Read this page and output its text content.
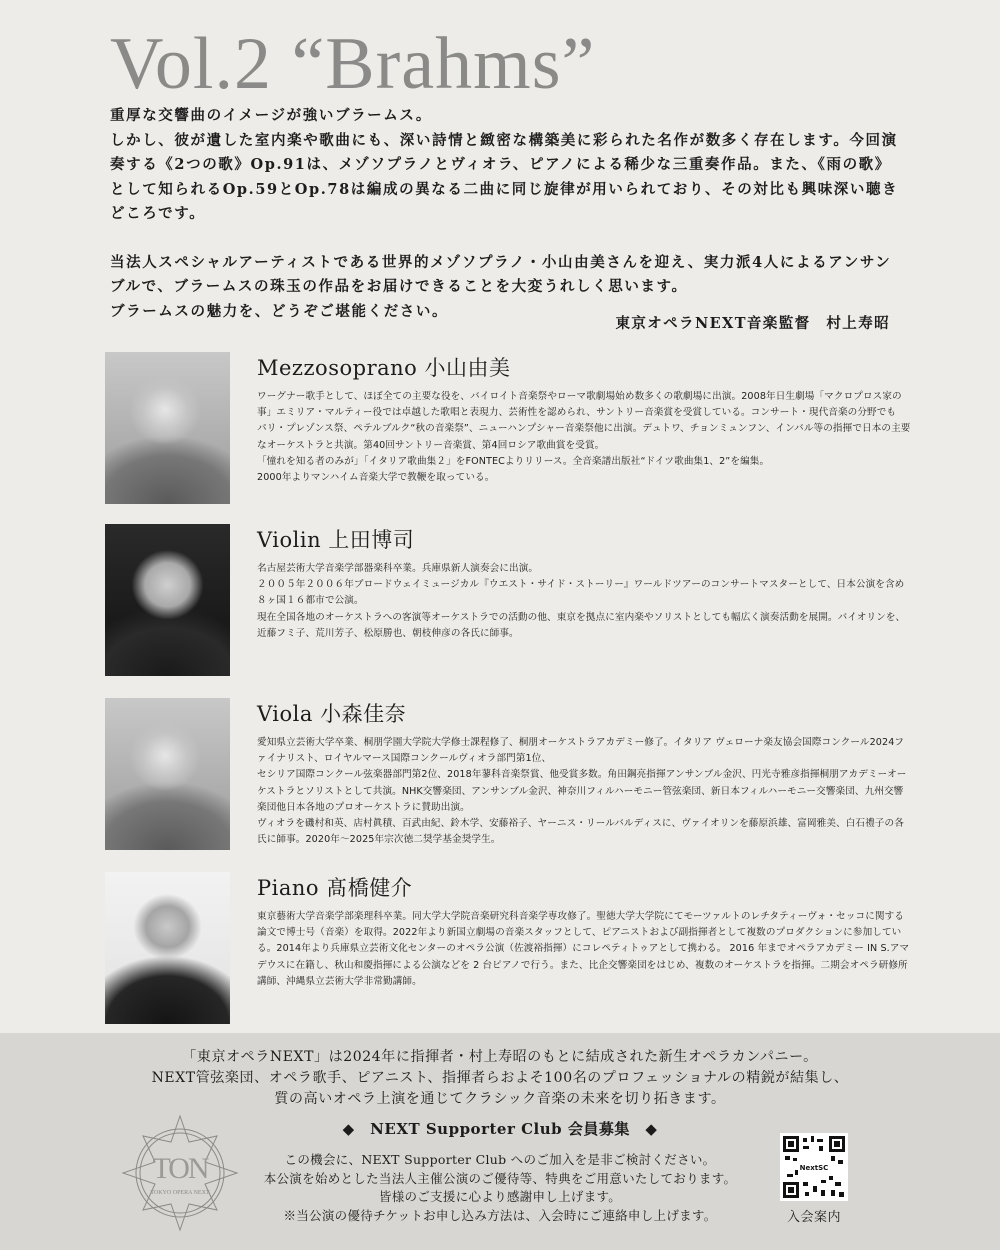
Vol.2 “Brahms”

重厚な交響曲のイメージが強いブラームス。

しかし、彼が遺した室内楽や歌曲にも、深い詩情と緻密な構築美に彩られた名作が数多く存在します。今回演奏する《2つの歌》Op.91は、メゾソプラノとヴィオラ、ピアノによる稀少な三重奏作品。また、《雨の歌》として知られるOp.59とOp.78は編成の異なる二曲に同じ旋律が用いられており、その対比も興味深い聴きどころです。

当法人スペシャルアーティストである世界的メゾソプラノ・小山由美さんを迎え、実力派4人によるアンサンブルで、ブラームスの珠玉の作品をお届けできることを大変うれしく思います。

ブラームスの魅力を、どうぞご堪能ください。

東京オペラNEXT音楽監督　村上寿昭
Mezzosoprano 小山由美

ワーグナー歌手として、ほぼ全ての主要な役を、バイロイト音楽祭やローマ歌劇場始め数多くの歌劇場に出演。2008年日生劇場「マクロプロス家の事」エミリア・マルティー役では卓越した歌唱と表現力、芸術性を認められ、サントリー音楽賞を受賞している。コンサート・現代音楽の分野でも　パリ・プレゾンス祭、ペテルブルク“秋の音楽祭”、ニューハンプシャー音楽祭他に出演。デュトワ、チョンミュンフン、インバル等の指揮で日本の主要なオーケストラと共演。第40回サントリー音楽賞、第4回ロシア歌曲賞を受賞。

「憧れを知る者のみが」「イタリア歌曲集２」をFONTECよりリリース。全音楽譜出版社“ドイツ歌曲集1、2”を編集。

2000年よりマンハイム音楽大学で教鞭を取っている。

Violin 上田博司

名古屋芸術大学音楽学部器楽科卒業。兵庫県新人演奏会に出演。

２００５年２００６年ブロードウェイミュージカル『ウエスト・サイド・ストーリー』ワールドツアーのコンサートマスターとして、日本公演を含め８ヶ国１６都市で公演。

現在全国各地のオーケストラへの客演等オーケストラでの活動の他、東京を拠点に室内楽やソリストとしても幅広く演奏活動を展開。バイオリンを、近藤フミ子、荒川芳子、松原勝也、朝枝伸彦の各氏に師事。

Viola 小森佳奈

愛知県立芸術大学卒業、桐朋学園大学院大学修士課程修了、桐朋オーケストラアカデミー修了。イタリア ヴェローナ楽友協会国際コンクール2024ファイナリスト、ロイヤルマース国際コンクールヴィオラ部門第1位、

セシリア国際コンクール弦楽器部門第2位、2018年蓼科音楽祭賞、他受賞多数。角田鋼亮指揮アンサンブル金沢、円光寺雅彦指揮桐朋アカデミーオーケストラとソリストとして共演。NHK交響楽団、アンサンブル金沢、神奈川フィルハーモニー管弦楽団、新日本フィルハーモニー交響楽団、九州交響楽団他日本各地のプロオーケストラに賛助出演。

ヴィオラを磯村和英、店村眞積、百武由紀、鈴木学、安藤裕子、ヤーニス・リールバルディスに、ヴァイオリンを藤原浜雄、富岡雅美、白石禮子の各氏に師事。2020年〜2025年宗次徳二奨学基金奨学生。

Piano 髙橋健介

東京藝術大学音楽学部楽理科卒業。同大学大学院音楽研究科音楽学専攻修了。聖徳大学大学院にてモーツァルトのレチタティーヴォ・セッコに関する論文で博士号（音楽）を取得。2022年より新国立劇場の音楽スタッフとして、ピアニストおよび副指揮者として複数のプロダクションに参加している。2014年より兵庫県立芸術文化センターのオペラ公演（佐渡裕指揮）にコレペティトゥアとして携わる。 2016 年までオペラアカデミー IN S.アマデウスに在籍し、秋山和慶指揮による公演などを 2 台ピアノで行う。また、比企交響楽団をはじめ、複数のオーケストラを指揮。二期会オペラ研修所講師、沖縄県立芸術大学非常勤講師。

「東京オペラNEXT」は2024年に指揮者・村上寿昭のもとに結成された新生オペラカンパニー。
NEXT管弦楽団、オペラ歌手、ピアニスト、指揮者らおよそ100名のプロフェッショナルの精鋭が結集し、
質の高いオペラ上演を通じてクラシック音楽の未来を切り拓きます。
◆　NEXT Supporter Club 会員募集　◆
この機会に、NEXT Supporter Club へのご加入を是非ご検討ください。
本公演を始めとした当法人主催公演のご優待等、特典をご用意いたしております。
皆様のご支援に心より感謝申し上げます。
※当公演の優待チケットお申し込み方法は、入会時にご連絡申し上げます。
TON
TOKYO OPERA NEXT
NextSC
入会案内
